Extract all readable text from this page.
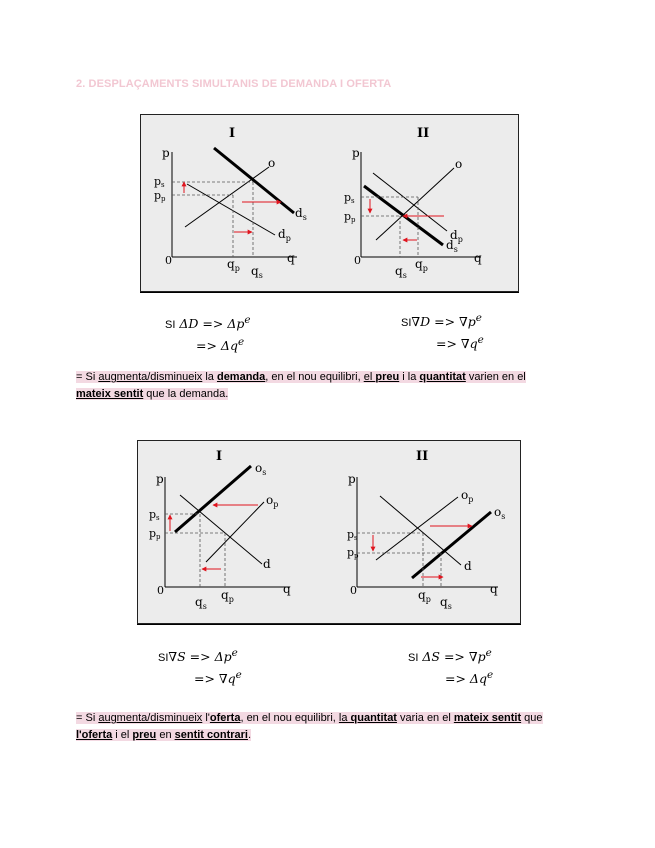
2. DESPLAÇAMENTS SIMULTANIS DE DEMANDA I OFERTA
I
p
q
0
o
$d_s$
$d_p$
ps
pp
$q_p$ $q_s$
II
p
q
0
o
$d_p$
$d_s$
ps
pp
$q_s$
$q_p$
SI $\Delta D => \Delta p^e$
=> $\Delta q^e$
$SI\nabla D => \nabla p^e$
=> $\nabla q^e$
= Si augmenta/disminueix la demanda, en el nou equilibri, el preu i la quantitat varien en el
mateix sentit que la demanda.
I
p
q
0
$o_s$
$o_p$
d
ps
pp
$q_s$
$q_p$
II
p
q
0
$o_p$
$o_s$
d
ps
pp
$q_p$ $q_s$
$SI\nabla S => \Delta p^e$
=> $\nabla q^e$
SI $\Delta S => \nabla p^e$
=> $\Delta q^e$
= Si augmenta/disminueix l'oferta, en el nou equilibri, la quantitat varia en el mateix sentit que
l'oferta i el preu en sentit contrari.
